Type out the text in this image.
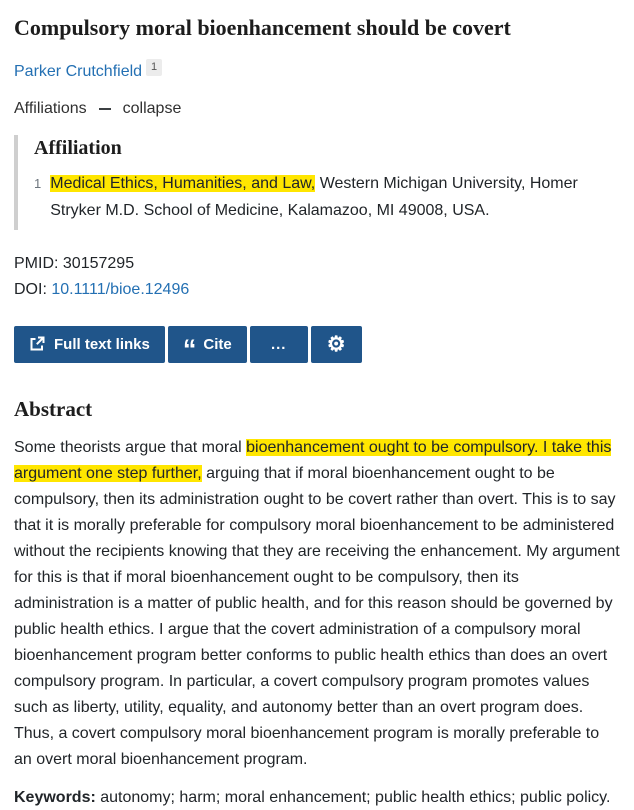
Compulsory moral bioenhancement should be covert
Parker Crutchfield 1
Affiliations collapse
Affiliation
1 Medical Ethics, Humanities, and Law, Western Michigan University, Homer Stryker M.D. School of Medicine, Kalamazoo, MI 49008, USA.
PMID: 30157295
DOI: 10.1111/bioe.12496
Full text links “ Cite	...	⚙
Abstract

Some theorists argue that moral bioenhancement ought to be compulsory. I take this argument one step further, arguing that if moral bioenhancement ought to be compulsory, then its administration ought to be covert rather than overt. This is to say that it is morally preferable for compulsory moral bioenhancement to be administered without the recipients knowing that they are receiving the enhancement. My argument for this is that if moral bioenhancement ought to be compulsory, then its administration is a matter of public health, and for this reason should be governed by public health ethics. I argue that the covert administration of a compulsory moral bioenhancement program better conforms to public health ethics than does an overt compulsory program. In particular, a covert compulsory program promotes values such as liberty, utility, equality, and autonomy better than an overt program does. Thus, a covert compulsory moral bioenhancement program is morally preferable to an overt moral bioenhancement program.

Keywords: autonomy; harm; moral enhancement; public health ethics; public policy.
